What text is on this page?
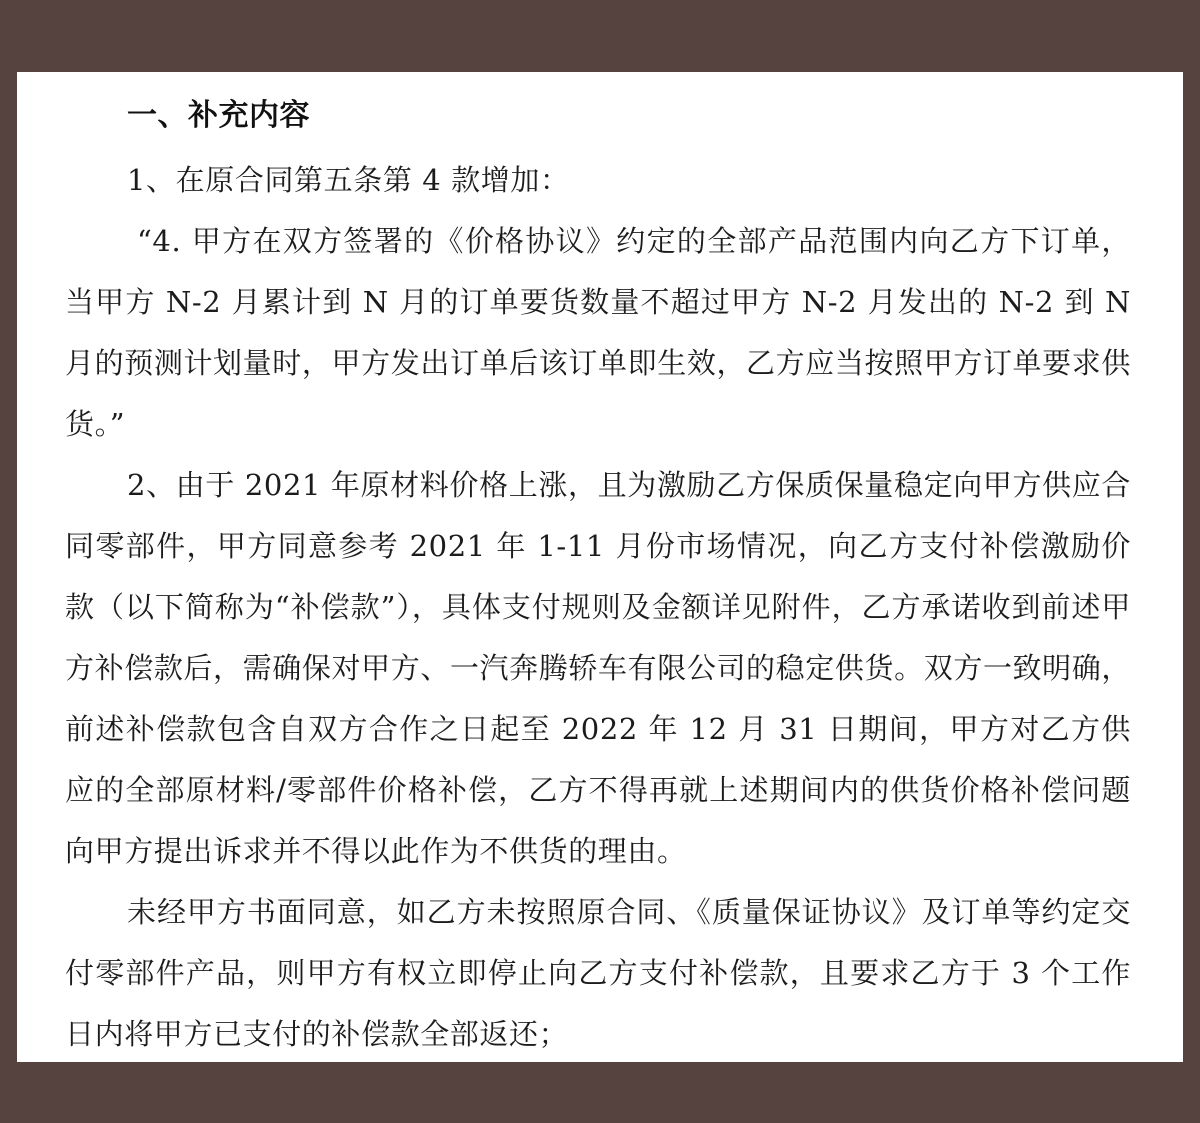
一、补充内容

1、在原合同第五条第 4 款增加：

“4. 甲方在双方签署的《价格协议》约定的全部产品范围内向乙方下订单，当甲方 N-2 月累计到 N 月的订单要货数量不超过甲方 N-2 月发出的 N-2 到 N 月的预测计划量时，甲方发出订单后该订单即生效，乙方应当按照甲方订单要求供货。”

2、由于 2021 年原材料价格上涨，且为激励乙方保质保量稳定向甲方供应合同零部件，甲方同意参考 2021 年 1-11 月份市场情况，向乙方支付补偿激励价款（以下简称为“补偿款”），具体支付规则及金额详见附件，乙方承诺收到前述甲方补偿款后，需确保对甲方、一汽奔腾轿车有限公司的稳定供货。双方一致明确，前述补偿款包含自双方合作之日起至 2022 年 12 月 31 日期间，甲方对乙方供应的全部原材料/零部件价格补偿，乙方不得再就上述期间内的供货价格补偿问题向甲方提出诉求并不得以此作为不供货的理由。

未经甲方书面同意，如乙方未按照原合同、《质量保证协议》及订单等约定交付零部件产品，则甲方有权立即停止向乙方支付补偿款，且要求乙方于 3 个工作日内将甲方已支付的补偿款全部返还；
